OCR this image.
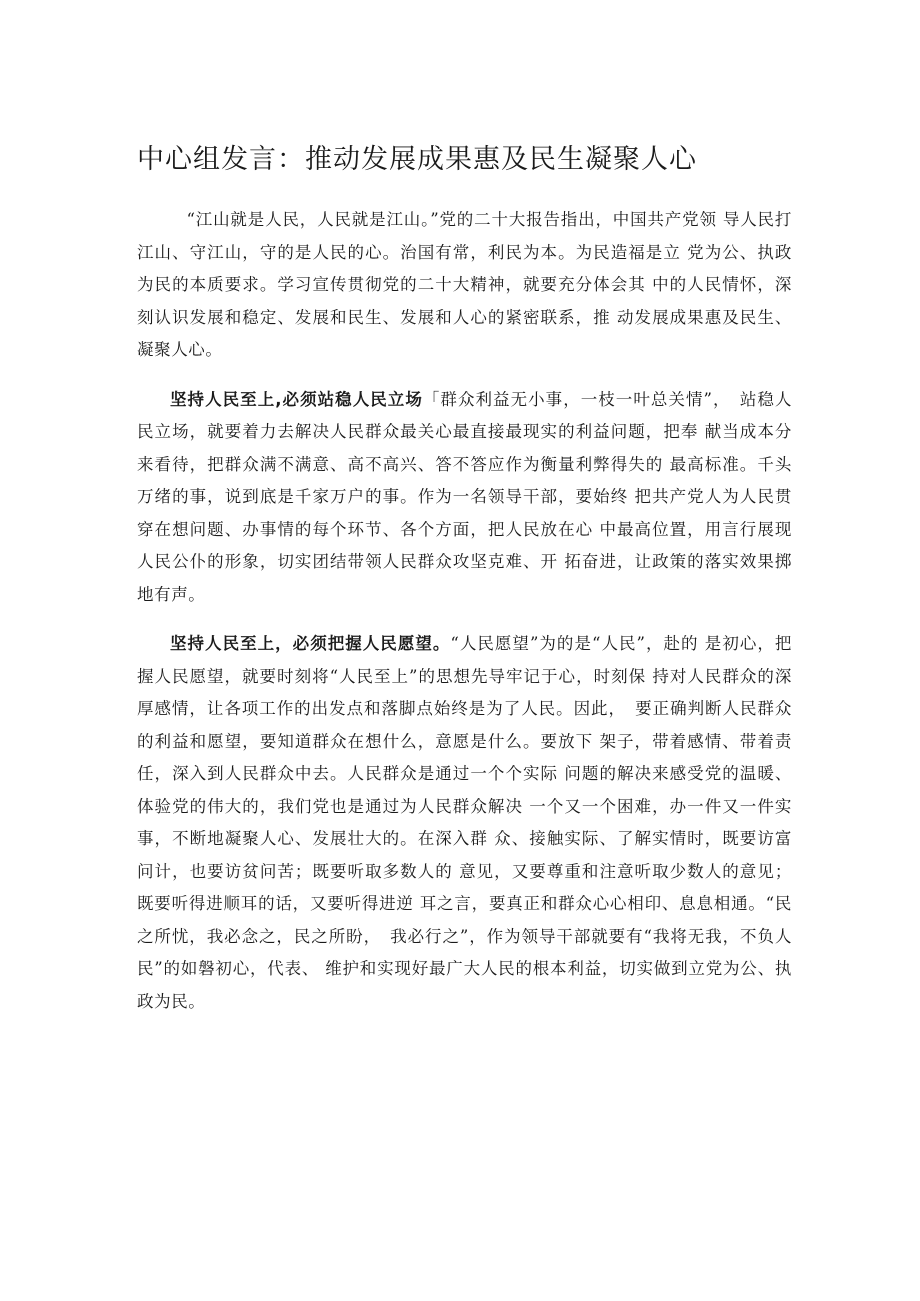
中心组发言：推动发展成果惠及民生凝聚人心

“江山就是人民，人民就是江山。”党的二十大报告指出，中国共产党领 导人民打江山、守江山，守的是人民的心。治国有常，利民为本。为民造福是立 党为公、执政为民的本质要求。学习宣传贯彻党的二十大精神，就要充分体会其 中的人民情怀，深刻认识发展和稳定、发展和民生、发展和人心的紧密联系，推 动发展成果惠及民生、凝聚人心。

坚持人民至上,必须站稳人民立场「群众利益无小事，一枝一叶总关情”，　站稳人民立场，就要着力去解决人民群众最关心最直接最现实的利益问题，把奉 献当成本分来看待，把群众满不满意、高不高兴、答不答应作为衡量利弊得失的 最高标准。千头万绪的事，说到底是千家万户的事。作为一名领导干部，要始终 把共产党人为人民贯穿在想问题、办事情的每个环节、各个方面，把人民放在心 中最高位置，用言行展现人民公仆的形象，切实团结带领人民群众攻坚克难、开 拓奋进，让政策的落实效果掷地有声。

坚持人民至上，必须把握人民愿望。“人民愿望”为的是“人民”，赴的 是初心，把握人民愿望，就要时刻将“人民至上”的思想先导牢记于心，时刻保 持对人民群众的深厚感情，让各项工作的出发点和落脚点始终是为了人民。因此，　要正确判断人民群众的利益和愿望，要知道群众在想什么，意愿是什么。要放下 架子，带着感情、带着责任，深入到人民群众中去。人民群众是通过一个个实际 问题的解决来感受党的温暖、体验党的伟大的，我们党也是通过为人民群众解决 一个又一个困难，办一件又一件实事，不断地凝聚人心、发展壮大的。在深入群 众、接触实际、了解实情时，既要访富问计，也要访贫问苦；既要听取多数人的 意见，又要尊重和注意听取少数人的意见；既要听得进顺耳的话，又要听得进逆 耳之言，要真正和群众心心相印、息息相通。“民之所忧，我必念之，民之所盼，　我必行之”，作为领导干部就要有“我将无我，不负人民”的如磐初心，代表、 维护和实现好最广大人民的根本利益，切实做到立党为公、执政为民。
